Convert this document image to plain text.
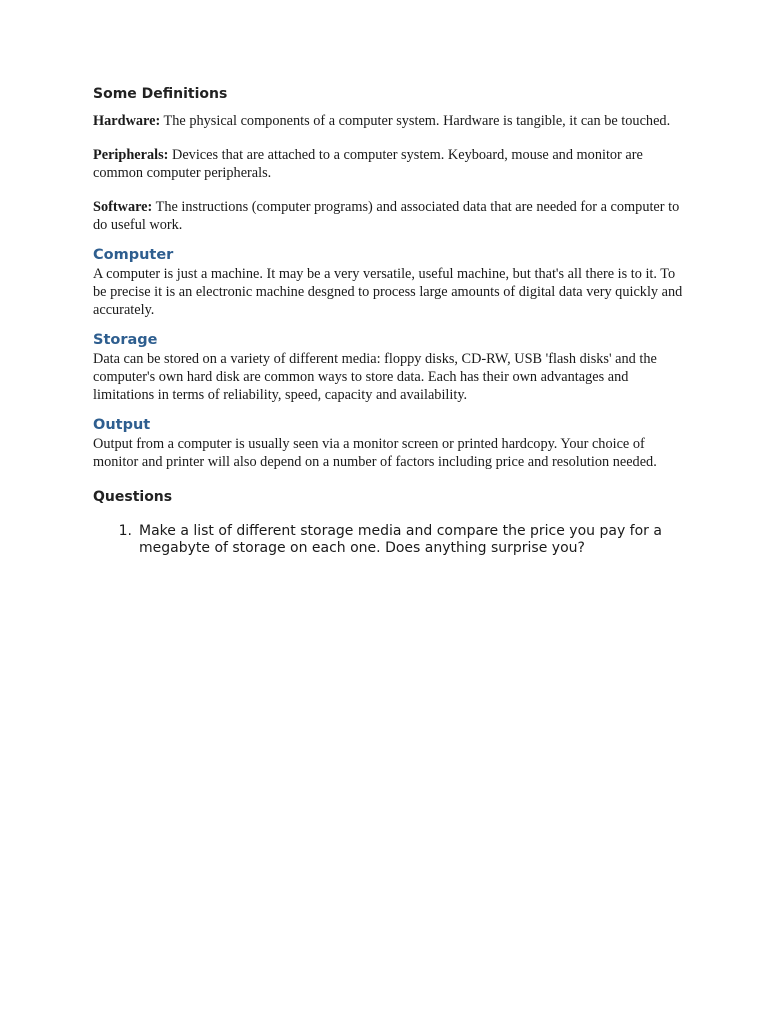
Some Definitions

Hardware: The physical components of a computer system. Hardware is tangible, it can be touched.

Peripherals: Devices that are attached to a computer system. Keyboard, mouse and monitor are common computer peripherals.

Software: The instructions (computer programs) and associated data that are needed for a computer to do useful work.

Computer

A computer is just a machine. It may be a very versatile, useful machine, but that's all there is to it. To be precise it is an electronic machine desgned to process large amounts of digital data very quickly and accurately.

Storage

Data can be stored on a variety of different media: floppy disks, CD-RW, USB 'flash disks' and the computer's own hard disk are common ways to store data. Each has their own advantages and limitations in terms of reliability, speed, capacity and availability.

Output

Output from a computer is usually seen via a monitor screen or printed hardcopy. Your choice of monitor and printer will also depend on a number of factors including price and resolution needed.

Questions
1. Make a list of different storage media and compare the price you pay for a megabyte of storage on each one. Does anything surprise you?
